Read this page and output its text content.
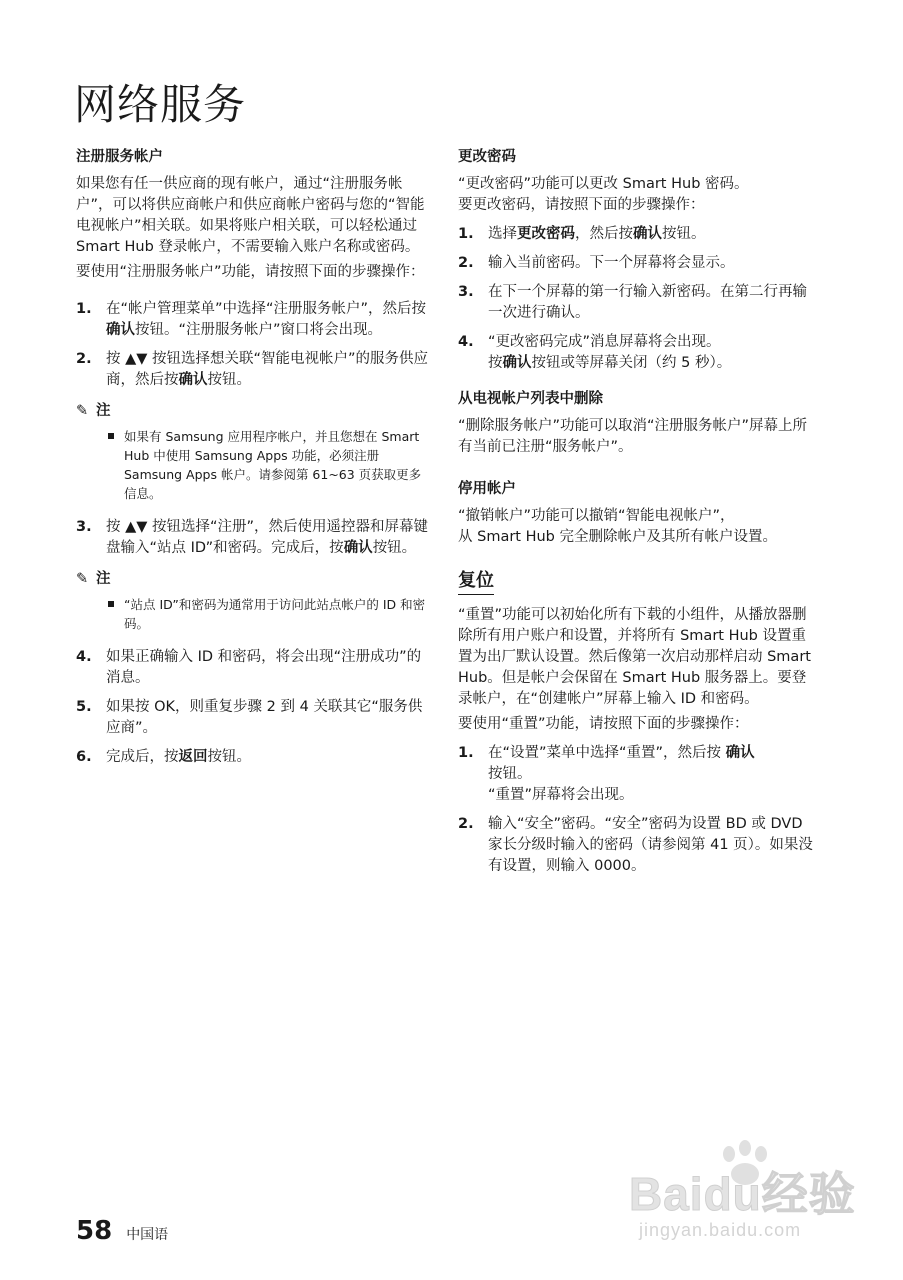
网络服务
注册服务帐户

如果您有任一供应商的现有帐户，通过“注册服务帐户”，可以将供应商帐户和供应商帐户密码与您的“智能电视帐户”相关联。如果将账户相关联，可以轻松通过 Smart Hub 登录帐户，不需要输入账户名称或密码。

要使用“注册服务帐户”功能，请按照下面的步骤操作：

1. 在“帐户管理菜单”中选择“注册服务帐户”，然后按确认按钮。“注册服务帐户”窗口将会出现。
2. 按 ▲▼ 按钮选择想关联“智能电视帐户”的服务供应商，然后按确认按钮。
✎ 注
如果有 Samsung 应用程序帐户，并且您想在 Smart Hub 中使用 Samsung Apps 功能，必须注册 Samsung Apps 帐户。请参阅第 61~63 页获取更多信息。
3. 按 ▲▼ 按钮选择“注册”，然后使用遥控器和屏幕键盘输入“站点 ID”和密码。完成后，按确认按钮。
✎ 注
“站点 ID”和密码为通常用于访问此站点帐户的 ID 和密码。
4. 如果正确输入 ID 和密码，将会出现“注册成功”的消息。
5. 如果按 OK，则重复步骤 2 到 4 关联其它“服务供应商”。
6. 完成后，按返回按钮。
更改密码

“更改密码”功能可以更改 Smart Hub 密码。

要更改密码，请按照下面的步骤操作：

1. 选择更改密码，然后按确认按钮。
2. 输入当前密码。下一个屏幕将会显示。
3. 在下一个屏幕的第一行输入新密码。在第二行再输一次进行确认。
4. “更改密码完成”消息屏幕将会出现。
按确认按钮或等屏幕关闭（约 5 秒）。
从电视帐户列表中删除

“删除服务帐户”功能可以取消“注册服务帐户”屏幕上所有当前已注册“服务帐户”。

停用帐户

“撤销帐户”功能可以撤销“智能电视帐户”，

从 Smart Hub 完全删除帐户及其所有帐户设置。

复位

“重置”功能可以初始化所有下载的小组件，从播放器删除所有用户账户和设置，并将所有 Smart Hub 设置重置为出厂默认设置。然后像第一次启动那样启动 Smart Hub。但是帐户会保留在 Smart Hub 服务器上。要登录帐户，在“创建帐户”屏幕上输入 ID 和密码。

要使用“重置”功能，请按照下面的步骤操作：

1. 在“设置”菜单中选择“重置”，然后按 确认
按钮。
“重置”屏幕将会出现。
2. 输入“安全”密码。“安全”密码为设置 BD 或 DVD 家长分级时输入的密码（请参阅第 41 页）。如果没有设置，则输入 0000。
Baidu经验
jingyan.baidu.com
58 中国语
